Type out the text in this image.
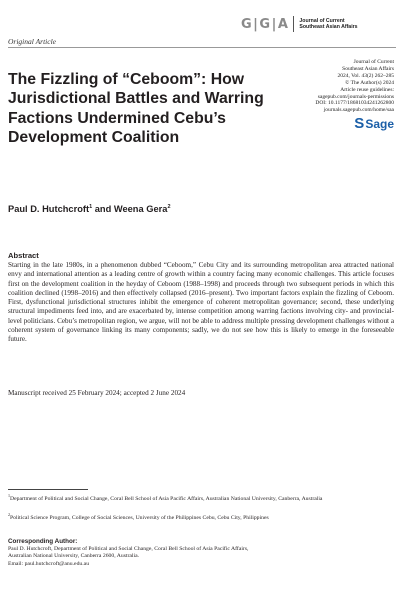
G|G|A Journal of Current
Southeast Asian Affairs
Original Article
The Fizzling of “Ceboom”: How Jurisdictional Battles and Warring Factions Undermined Cebu’s Development Coalition
Journal of Current
Southeast Asian Affairs
2024, Vol. 43(2) 262–285
© The Author(s) 2024
Article reuse guidelines:
sagepub.com/journals-permissions
DOI: 10.1177/18681034241262800
journals.sagepub.com/home/saa
S Sage
Paul D. Hutchcroft$^1$ and Weena Gera$^2$
Abstract

Starting in the late 1980s, in a phenomenon dubbed “Ceboom,” Cebu City and its surrounding metropolitan area attracted national envy and international attention as a leading centre of growth within a country facing many economic challenges. This article focuses first on the development coalition in the heyday of Ceboom (1988–1998) and proceeds through two subsequent periods in which this coalition declined (1998–2016) and then effectively collapsed (2016–present). Two important factors explain the fizzling of Ceboom. First, dysfunctional jurisdictional structures inhibit the emergence of coherent metropolitan governance; second, these underlying structural impediments feed into, and are exacerbated by, intense competition among warring factions involving city- and provincial-level politicians. Cebu’s metropolitan region, we argue, will not be able to address multiple pressing development challenges without a coherent system of governance linking its many components; sadly, we do not see how this is likely to emerge in the foreseeable future.

Manuscript received 25 February 2024; accepted 2 June 2024

$^1$Department of Political and Social Change, Coral Bell School of Asia Pacific Affairs, Australian National University, Canberra, Australia

$^2$Political Science Program, College of Social Sciences, University of the Philippines Cebu, Cebu City, Philippines

Corresponding Author:
Paul D. Hutchcroft, Department of Political and Social Change, Coral Bell School of Asia Pacific Affairs,
Australian National University, Canberra 2600, Australia.
Email: paul.hutchcroft@anu.edu.au
